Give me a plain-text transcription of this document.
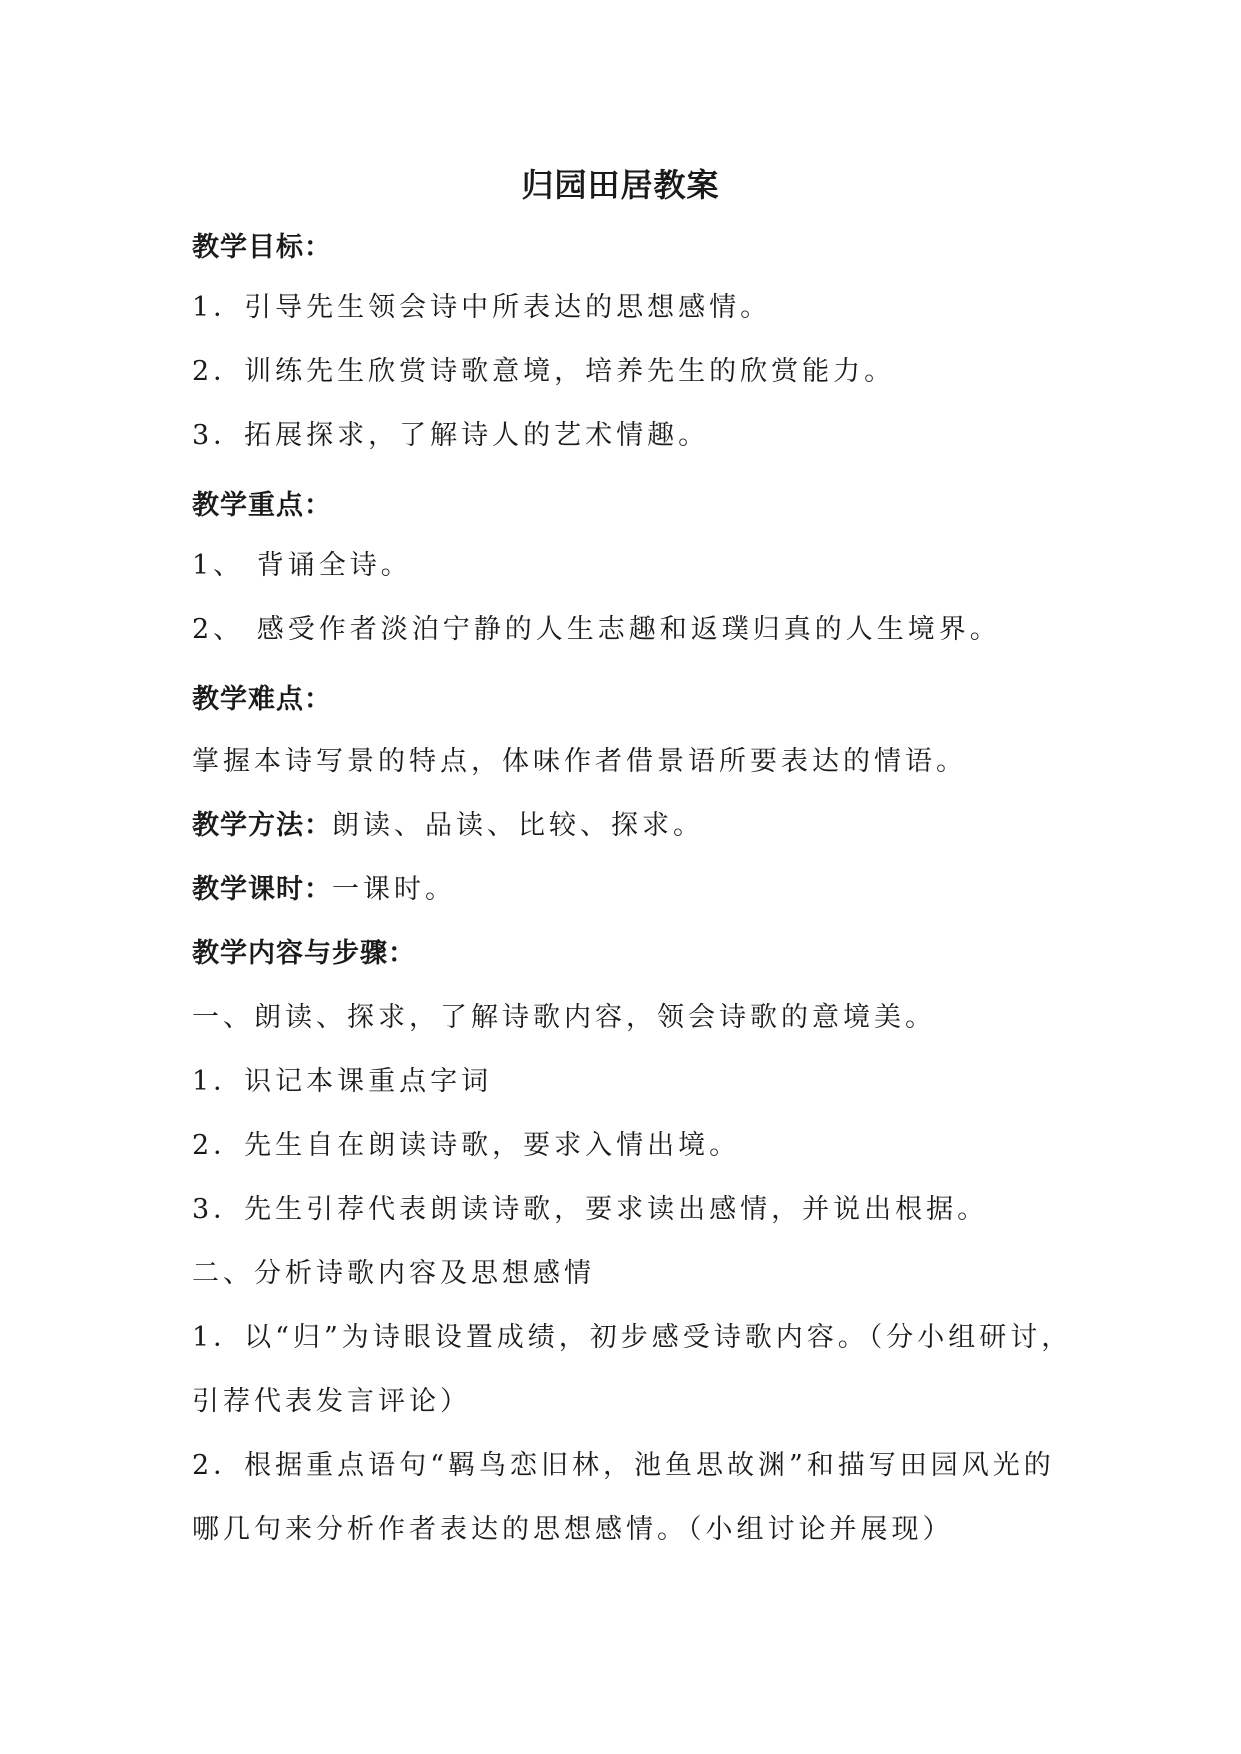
归园田居教案
教学目标：
1．引导先生领会诗中所表达的思想感情。
2．训练先生欣赏诗歌意境，培养先生的欣赏能力。
3．拓展探求，了解诗人的艺术情趣。
教学重点：
1、 背诵全诗。
2、 感受作者淡泊宁静的人生志趣和返璞归真的人生境界。
教学难点：
掌握本诗写景的特点，体味作者借景语所要表达的情语。
教学方法：朗读、品读、比较、探求。
教学课时：一课时。
教学内容与步骤：
一、朗读、探求，了解诗歌内容，领会诗歌的意境美。
1．识记本课重点字词
2．先生自在朗读诗歌，要求入情出境。
3．先生引荐代表朗读诗歌，要求读出感情，并说出根据。
二、分析诗歌内容及思想感情
1．以“归”为诗眼设置成绩，初步感受诗歌内容。（分小组研讨，
引荐代表发言评论）
2．根据重点语句“羁鸟恋旧林，池鱼思故渊”和描写田园风光的
哪几句来分析作者表达的思想感情。（小组讨论并展现）
